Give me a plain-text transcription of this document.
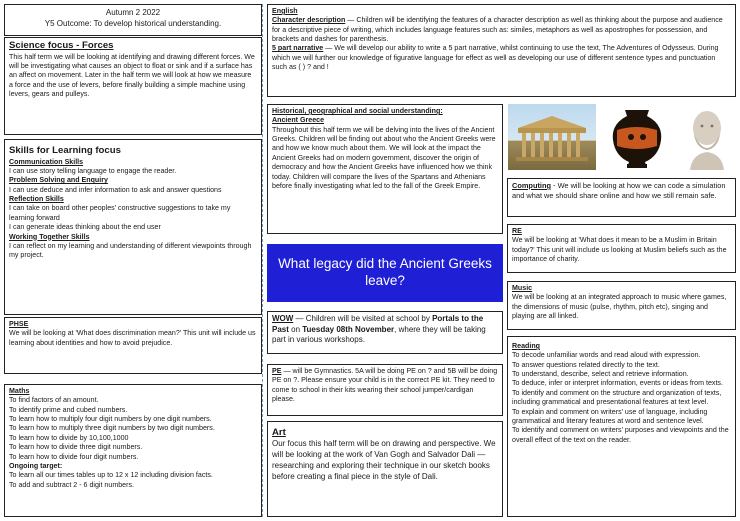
Autumn 2 2022

Y5 Outcome: To develop historical understanding.

Science focus - Forces

This half term we will be looking at identifying and drawing different forces. We will be investigating what causes an object to float or sink and if a surface has an affect on movement. Later in the half term we will look at how we measure a force and the use of levers, before finally building a simple machine using levers, gears and pulleys.

Skills for Learning focus

Communication Skills

I can use story telling language to engage the reader.

Problem Solving and Enquiry

I can use deduce and infer information to ask and answer questions

Reflection Skills

I can take on board other peoples' constructive suggestions to take my learning forward

I can generate ideas thinking about the end user

Working Together Skills

I can reflect on my learning and understanding of different viewpoints through my project.

PHSE

We will be looking at 'What does discrimination mean?' This unit will include us learning about identities and how to avoid prejudice.

Maths

To find factors of an amount.

To identify prime and cubed numbers.

To learn how to multiply four digit numbers by one digit numbers.

To learn how to multiply three digit numbers by two digit numbers.

To learn how to divide by 10,100,1000

To learn how to divide three digit numbers.

To learn how to divide four digit numbers.

Ongoing target:

To learn all our times tables up to 12 x 12 including division facts.

To add and subtract 2 - 6 digit numbers.

English

Character description — Children will be identifying the features of a character description as well as thinking about the purpose and audience for a descriptive piece of writing, which includes language features such as: similes, metaphors as well as apostrophes for possession, and brackets and dashes for parenthesis.

5 part narrative — We will develop our ability to write a 5 part narrative, whilst continuing to use the text, The Adventures of Odysseus. During which we will further our knowledge of figurative language for effect as well as developing our use of different sentence types and punctuation such as ( ) ? and !

Historical, geographical and social understanding:

Ancient Greece

Throughout this half term we will be delving into the lives of the Ancient Greeks. Children will be finding out about who the Ancient Greeks were and how we know much about them. We will look at the impact the Ancient Greeks had on modern government, discover the origin of democracy and how the Ancient Greeks have influenced how we think today. Children will compare the lives of the Spartans and Athenians before finally investigating what led to the fall of the Greek Empire.

What legacy did the Ancient Greeks leave?

WOW — Children will be visited at school by Portals to the Past on Tuesday 08th November, where they will be taking part in various workshops.

PE — will be Gymnastics. 5A will be doing PE on ? and 5B will be doing PE on ?. Please ensure your child is in the correct PE kit. They need to come to school in their kits wearing their school jumper/cardigan please.

Art

Our focus this half term will be on drawing and perspective. We will be looking at the work of Van Gogh and Salvador Dali — researching and exploring their technique in our sketch books before creating a final piece in the style of Dali.

Computing - We will be looking at how we can code a simulation and what we should share online and how we still remain safe.

RE

We will be looking at 'What does it mean to be a Muslim in Britain today?' This unit will include us looking at Muslim beliefs such as the importance of charity.

Music

We will be looking at an integrated approach to music where games, the dimensions of music (pulse, rhythm, pitch etc), singing and playing are all linked.

Reading

To decode unfamiliar words and read aloud with expression.

To answer questions related directly to the text.

To understand, describe, select and retrieve information.

To deduce, infer or interpret information, events or ideas from texts.

To identify and comment on the structure and organization of texts, including grammatical and presentational features at text level.

To explain and comment on writers' use of language, including grammatical and literary features at word and sentence level.

To identify and comment on writers' purposes and viewpoints and the overall effect of the text on the reader.
